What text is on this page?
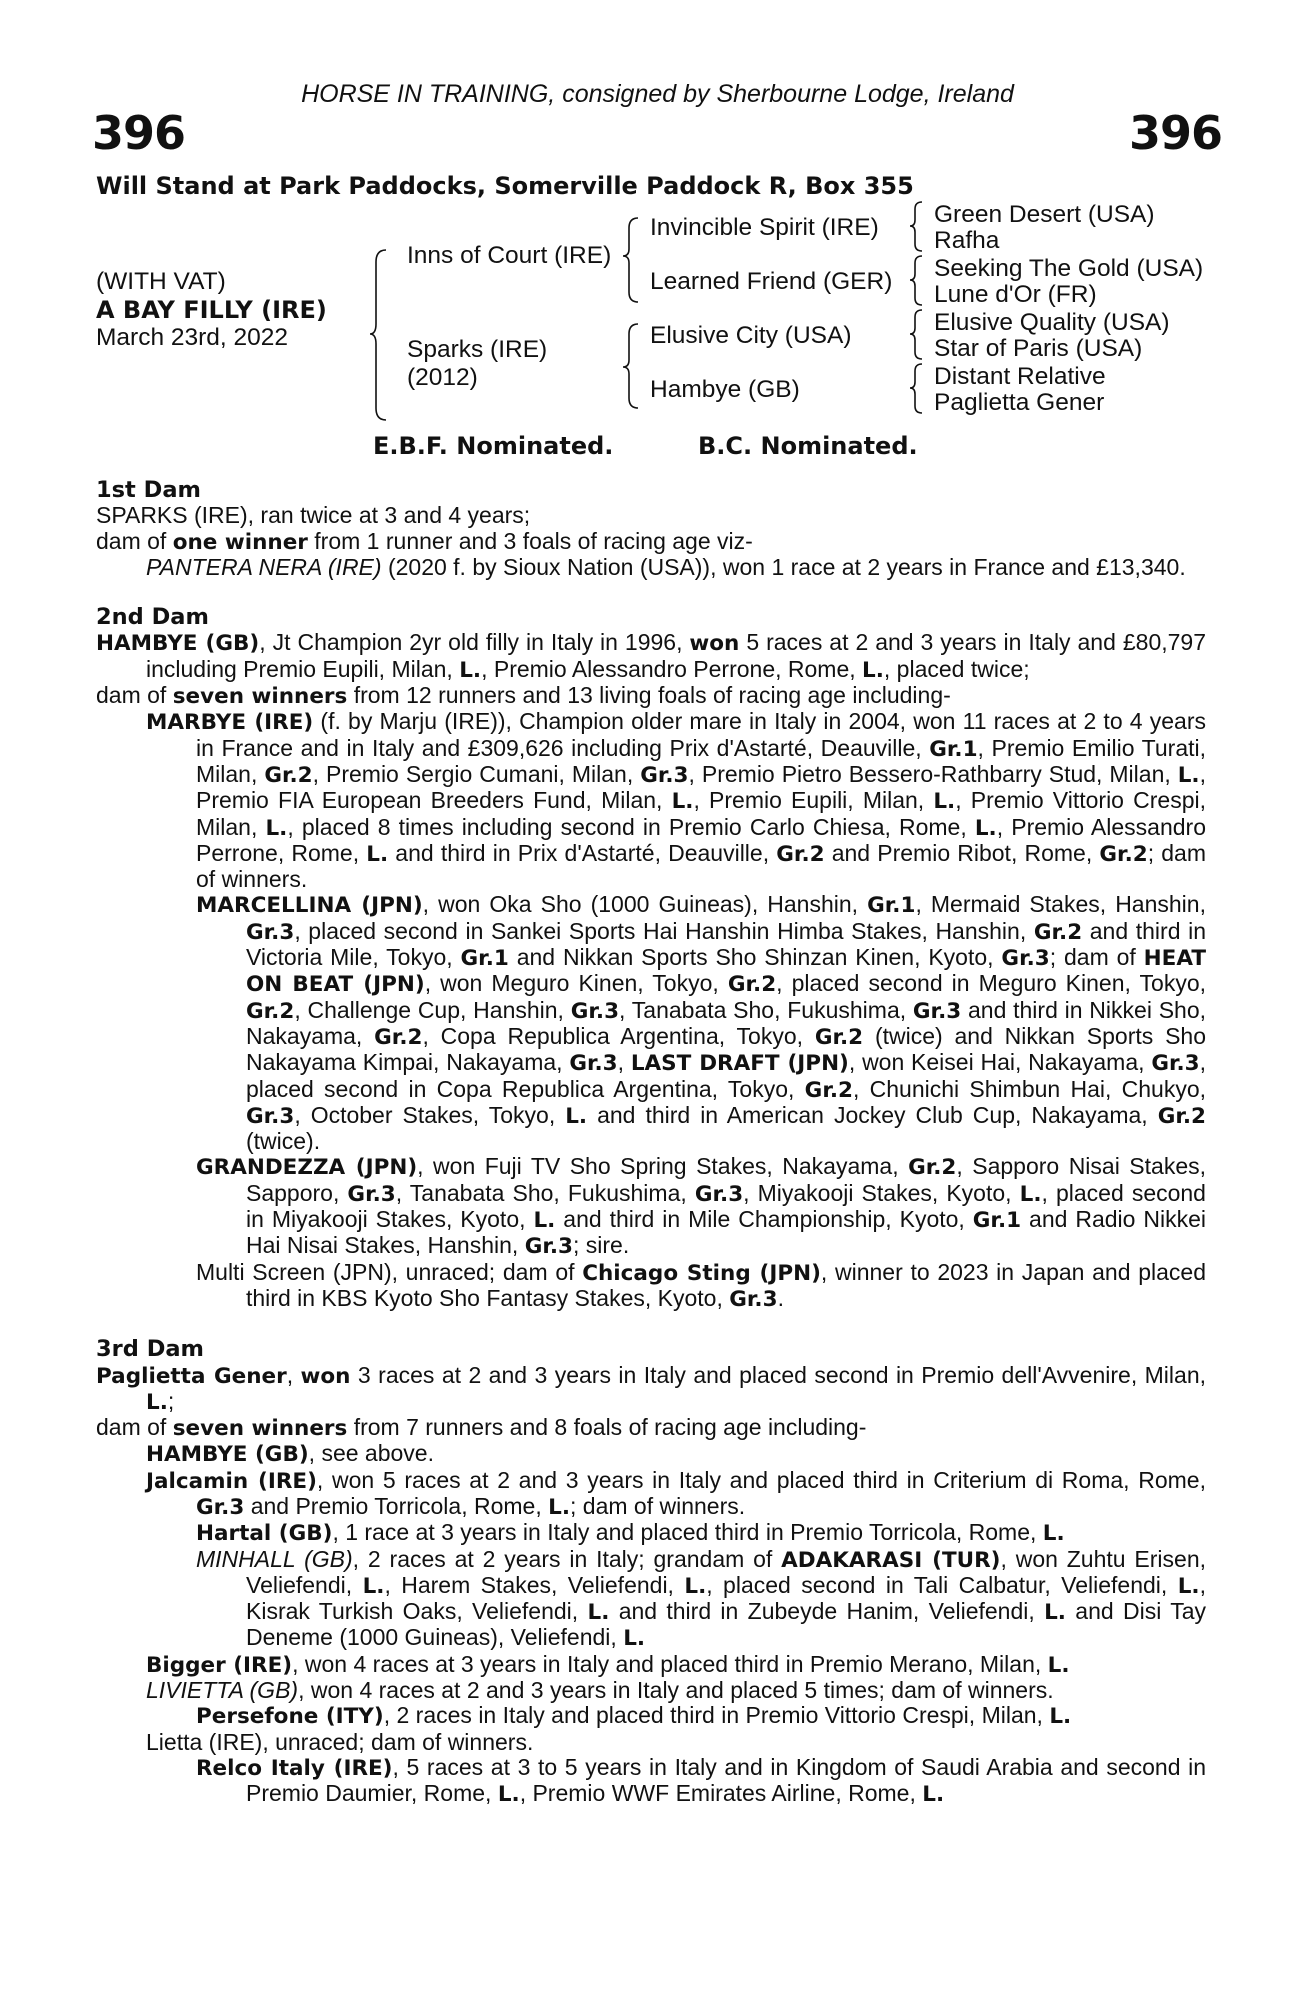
HORSE IN TRAINING, consigned by Sherbourne Lodge, Ireland
396	396
Will Stand at Park Paddocks, Somerville Paddock R, Box 355
(WITH VAT)
A BAY FILLY (IRE)
March 23rd, 2022
Inns of Court (IRE)
Sparks (IRE)
(2012)
Invincible Spirit (IRE)
Learned Friend (GER)
Elusive City (USA)
Hambye (GB)
Green Desert (USA)
Rafha
Seeking The Gold (USA)
Lune d'Or (FR)
Elusive Quality (USA)
Star of Paris (USA)
Distant Relative
Paglietta Gener
E.B.F. Nominated.	B.C. Nominated.
1st Dam
SPARKS (IRE), ran twice at 3 and 4 years;
dam of one winner from 1 runner and 3 foals of racing age viz-
PANTERA NERA (IRE) (2020 f. by Sioux Nation (USA)), won 1 race at 2 years in France and £13,340.
2nd Dam
HAMBYE (GB), Jt Champion 2yr old filly in Italy in 1996, won 5 races at 2 and 3 years in Italy and £80,797 including Premio Eupili, Milan, L., Premio Alessandro Perrone, Rome, L., placed twice;
dam of seven winners from 12 runners and 13 living foals of racing age including-
MARBYE (IRE) (f. by Marju (IRE)), Champion older mare in Italy in 2004, won 11 races at 2 to 4 years in France and in Italy and £309,626 including Prix d'Astarté, Deauville, Gr.1, Premio Emilio Turati, Milan, Gr.2, Premio Sergio Cumani, Milan, Gr.3, Premio Pietro Bessero-Rathbarry Stud, Milan, L., Premio FIA European Breeders Fund, Milan, L., Premio Eupili, Milan, L., Premio Vittorio Crespi, Milan, L., placed 8 times including second in Premio Carlo Chiesa, Rome, L., Premio Alessandro Perrone, Rome, L. and third in Prix d'Astarté, Deauville, Gr.2 and Premio Ribot, Rome, Gr.2; dam of winners.
MARCELLINA (JPN), won Oka Sho (1000 Guineas), Hanshin, Gr.1, Mermaid Stakes, Hanshin, Gr.3, placed second in Sankei Sports Hai Hanshin Himba Stakes, Hanshin, Gr.2 and third in Victoria Mile, Tokyo, Gr.1 and Nikkan Sports Sho Shinzan Kinen, Kyoto, Gr.3; dam of HEAT ON BEAT (JPN), won Meguro Kinen, Tokyo, Gr.2, placed second in Meguro Kinen, Tokyo, Gr.2, Challenge Cup, Hanshin, Gr.3, Tanabata Sho, Fukushima, Gr.3 and third in Nikkei Sho, Nakayama, Gr.2, Copa Republica Argentina, Tokyo, Gr.2 (twice) and Nikkan Sports Sho Nakayama Kimpai, Nakayama, Gr.3, LAST DRAFT (JPN), won Keisei Hai, Nakayama, Gr.3, placed second in Copa Republica Argentina, Tokyo, Gr.2, Chunichi Shimbun Hai, Chukyo, Gr.3, October Stakes, Tokyo, L. and third in American Jockey Club Cup, Nakayama, Gr.2 (twice).
GRANDEZZA (JPN), won Fuji TV Sho Spring Stakes, Nakayama, Gr.2, Sapporo Nisai Stakes, Sapporo, Gr.3, Tanabata Sho, Fukushima, Gr.3, Miyakooji Stakes, Kyoto, L., placed second in Miyakooji Stakes, Kyoto, L. and third in Mile Championship, Kyoto, Gr.1 and Radio Nikkei Hai Nisai Stakes, Hanshin, Gr.3; sire.
Multi Screen (JPN), unraced; dam of Chicago Sting (JPN), winner to 2023 in Japan and placed third in KBS Kyoto Sho Fantasy Stakes, Kyoto, Gr.3.
3rd Dam
Paglietta Gener, won 3 races at 2 and 3 years in Italy and placed second in Premio dell'Avvenire, Milan, L.;
dam of seven winners from 7 runners and 8 foals of racing age including-
HAMBYE (GB), see above.
Jalcamin (IRE), won 5 races at 2 and 3 years in Italy and placed third in Criterium di Roma, Rome, Gr.3 and Premio Torricola, Rome, L.; dam of winners.
Hartal (GB), 1 race at 3 years in Italy and placed third in Premio Torricola, Rome, L.
MINHALL (GB), 2 races at 2 years in Italy; grandam of ADAKARASI (TUR), won Zuhtu Erisen, Veliefendi, L., Harem Stakes, Veliefendi, L., placed second in Tali Calbatur, Veliefendi, L., Kisrak Turkish Oaks, Veliefendi, L. and third in Zubeyde Hanim, Veliefendi, L. and Disi Tay Deneme (1000 Guineas), Veliefendi, L.
Bigger (IRE), won 4 races at 3 years in Italy and placed third in Premio Merano, Milan, L.
LIVIETTA (GB), won 4 races at 2 and 3 years in Italy and placed 5 times; dam of winners.
Persefone (ITY), 2 races in Italy and placed third in Premio Vittorio Crespi, Milan, L.
Lietta (IRE), unraced; dam of winners.
Relco Italy (IRE), 5 races at 3 to 5 years in Italy and in Kingdom of Saudi Arabia and second in Premio Daumier, Rome, L., Premio WWF Emirates Airline, Rome, L.
